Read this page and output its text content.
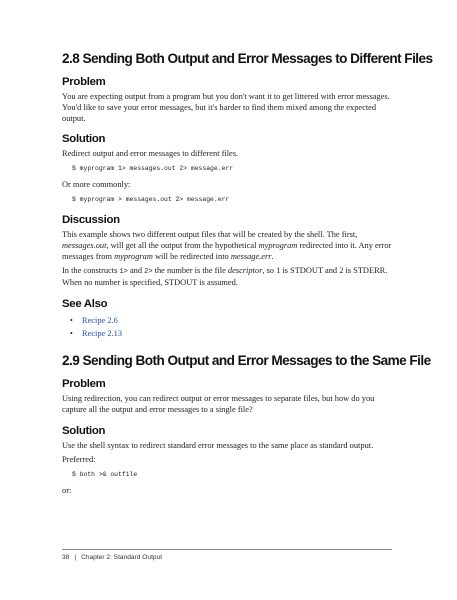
2.8 Sending Both Output and Error Messages to Different Files
Problem

You are expecting output from a program but you don't want it to get littered with error messages. You'd like to save your error messages, but it's harder to find them mixed among the expected output.

Solution

Redirect output and error messages to different files.

$ myprogram 1> messages.out 2> message.err

Or more commonly:

$ myprogram > messages.out 2> message.err
Discussion

This example shows two different output files that will be created by the shell. The first, messages.out, will get all the output from the hypothetical myprogram redirected into it. Any error messages from myprogram will be redirected into message.err.

In the constructs 1> and 2> the number is the file descriptor, so 1 is STDOUT and 2 is STDERR. When no number is specified, STDOUT is assumed.

See Also
• Recipe 2.6
• Recipe 2.13
2.9 Sending Both Output and Error Messages to the Same File
Problem

Using redirection, you can redirect output or error messages to separate files, but how do you capture all the output and error messages to a single file?

Solution

Use the shell syntax to redirect standard error messages to the same place as standard output.

Preferred:

$ both >& outfile

or:

38 | Chapter 2: Standard Output
